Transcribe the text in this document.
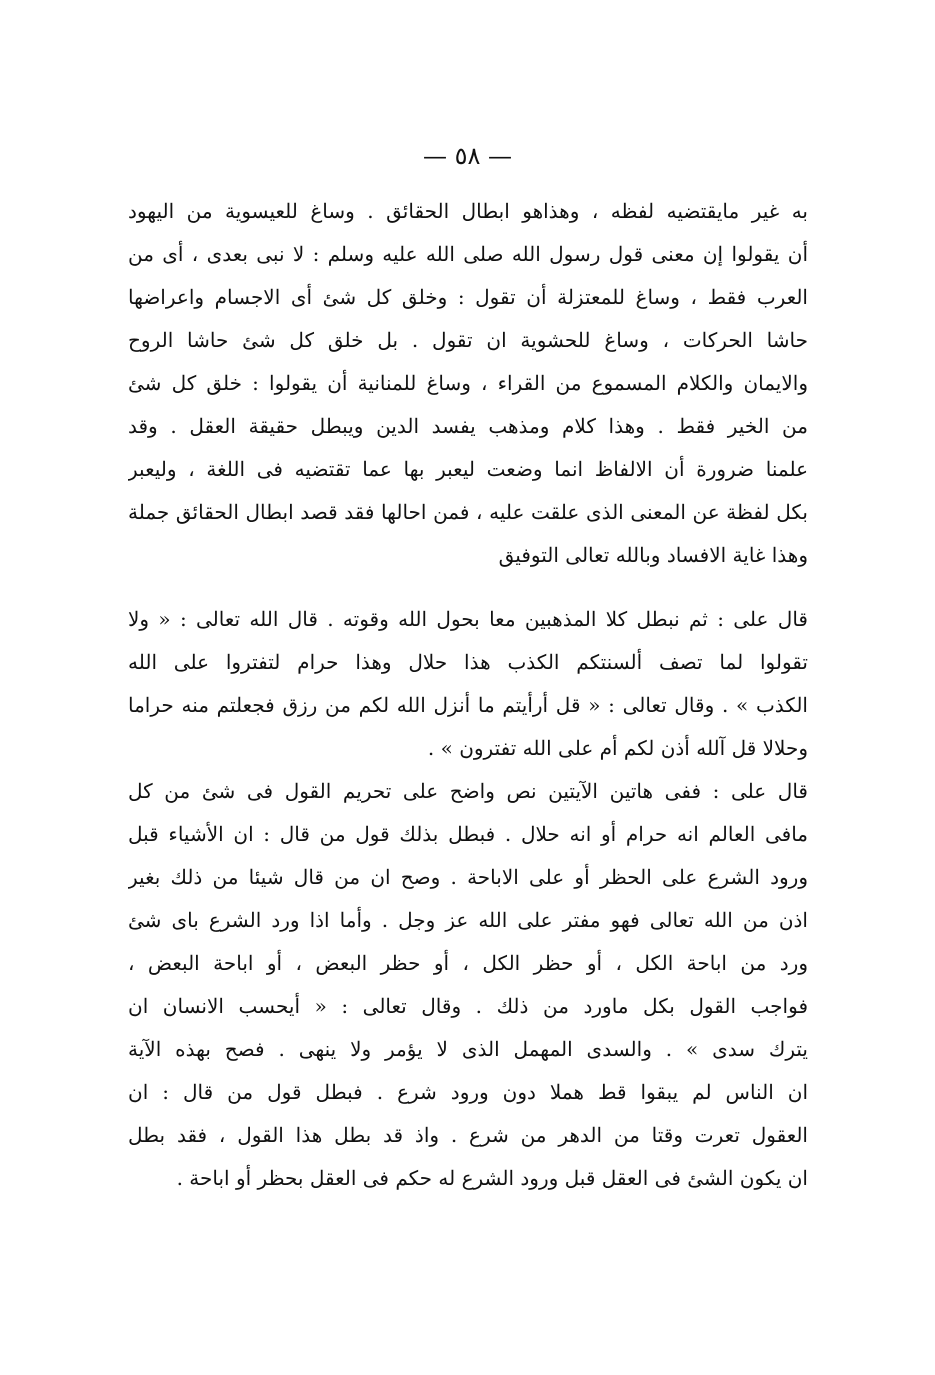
— ٥٨ —
به غير مايقتضيه لفظه ، وهذاهو ابطال الحقائق . وساغ للعيسوية من اليهود
أن يقولوا إن معنى قول رسول الله صلى الله عليه وسلم : لا نبى بعدى ، أى من
العرب فقط ، وساغ للمعتزلة أن تقول : وخلق كل شئ أى الاجسام واعراضها
حاشا الحركات ، وساغ للحشوية ان تقول . بل خلق كل شئ حاشا الروح
والايمان والكلام المسموع من القراء ، وساغ للمنانية أن يقولوا : خلق كل شئ
من الخير فقط . وهذا كلام ومذهب يفسد الدين ويبطل حقيقة العقل . وقد
علمنا ضرورة أن الالفاظ انما وضعت ليعبر بها عما تقتضيه فى اللغة ، وليعبر
بكل لفظة عن المعنى الذى علقت عليه ، فمن احالها فقد قصد ابطال الحقائق جملة
وهذا غاية الافساد وبالله تعالى التوفيق
قال على : ثم نبطل كلا المذهبين معا بحول الله وقوته . قال الله تعالى : « ولا
تقولوا لما تصف ألسنتكم الكذب هذا حلال وهذا حرام لتفتروا على الله
الكذب » . وقال تعالى : « قل أرأيتم ما أنزل الله لكم من رزق فجعلتم منه حراما
وحلالا قل آلله أذن لكم أم على الله تفترون » .
قال على : ففى هاتين الآيتين نص واضح على تحريم القول فى شئ من كل
مافى العالم انه حرام أو انه حلال . فبطل بذلك قول من قال : ان الأشياء قبل
ورود الشرع على الحظر أو على الاباحة . وصح ان من قال شيئا من ذلك بغير
اذن من الله تعالى فهو مفتر على الله عز وجل . وأما اذا ورد الشرع باى شئ
ورد من اباحة الكل ، أو حظر الكل ، أو حظر البعض ، أو اباحة البعض ،
فواجب القول بكل ماورد من ذلك . وقال تعالى : « أيحسب الانسان ان
يترك سدى » . والسدى المهمل الذى لا يؤمر ولا ينهى . فصح بهذه الآية
ان الناس لم يبقوا قط هملا دون ورود شرع . فبطل قول من قال : ان
العقول تعرت وقتا من الدهر من شرع . واذ قد بطل هذا القول ، فقد بطل
ان يكون الشئ فى العقل قبل ورود الشرع له حكم فى العقل بحظر أو اباحة .
